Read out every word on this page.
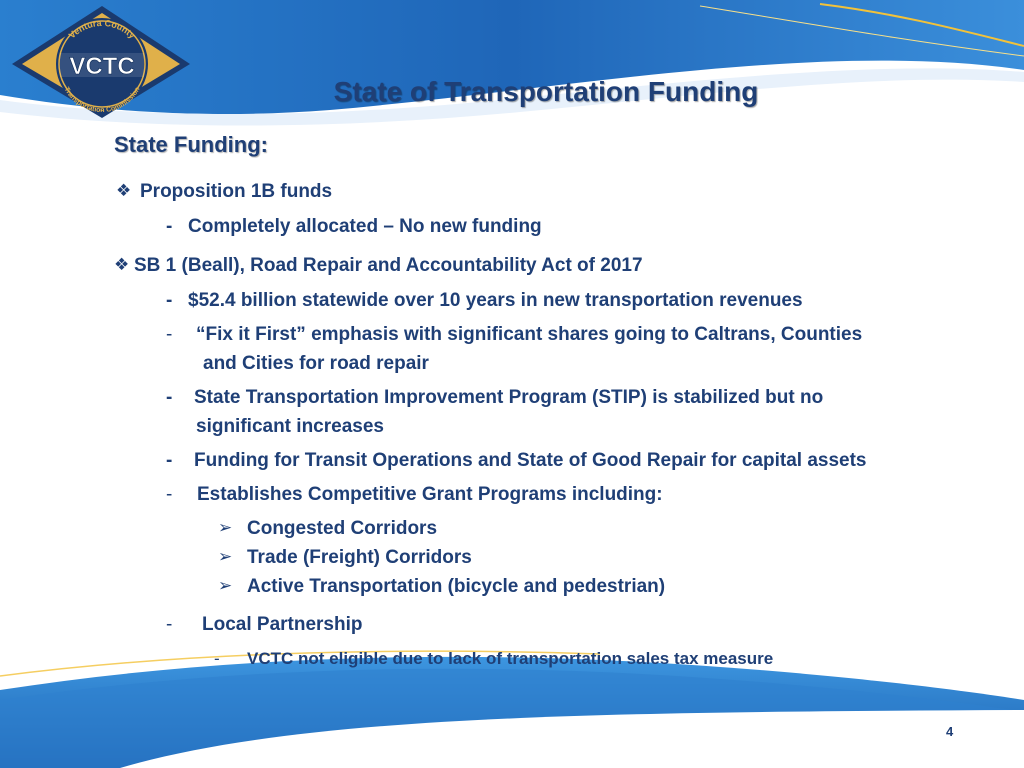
Ventura County
Transportation Commission
VCTC
State of Transportation Funding
State Funding:
❖ Proposition 1B funds
- Completely allocated – No new funding
❖ SB 1 (Beall), Road Repair and Accountability Act of 2017
- $52.4 billion statewide over 10 years in new transportation revenues
- “Fix it First” emphasis with significant shares going to Caltrans, Counties
and Cities for road repair
- State Transportation Improvement Program (STIP) is stabilized but no
significant increases
- Funding for Transit Operations and State of Good Repair for capital assets
- Establishes Competitive Grant Programs including:
➢ Congested Corridors
➢ Trade (Freight) Corridors
➢ Active Transportation (bicycle and pedestrian)
- Local Partnership
- VCTC not eligible due to lack of transportation sales tax measure
4
